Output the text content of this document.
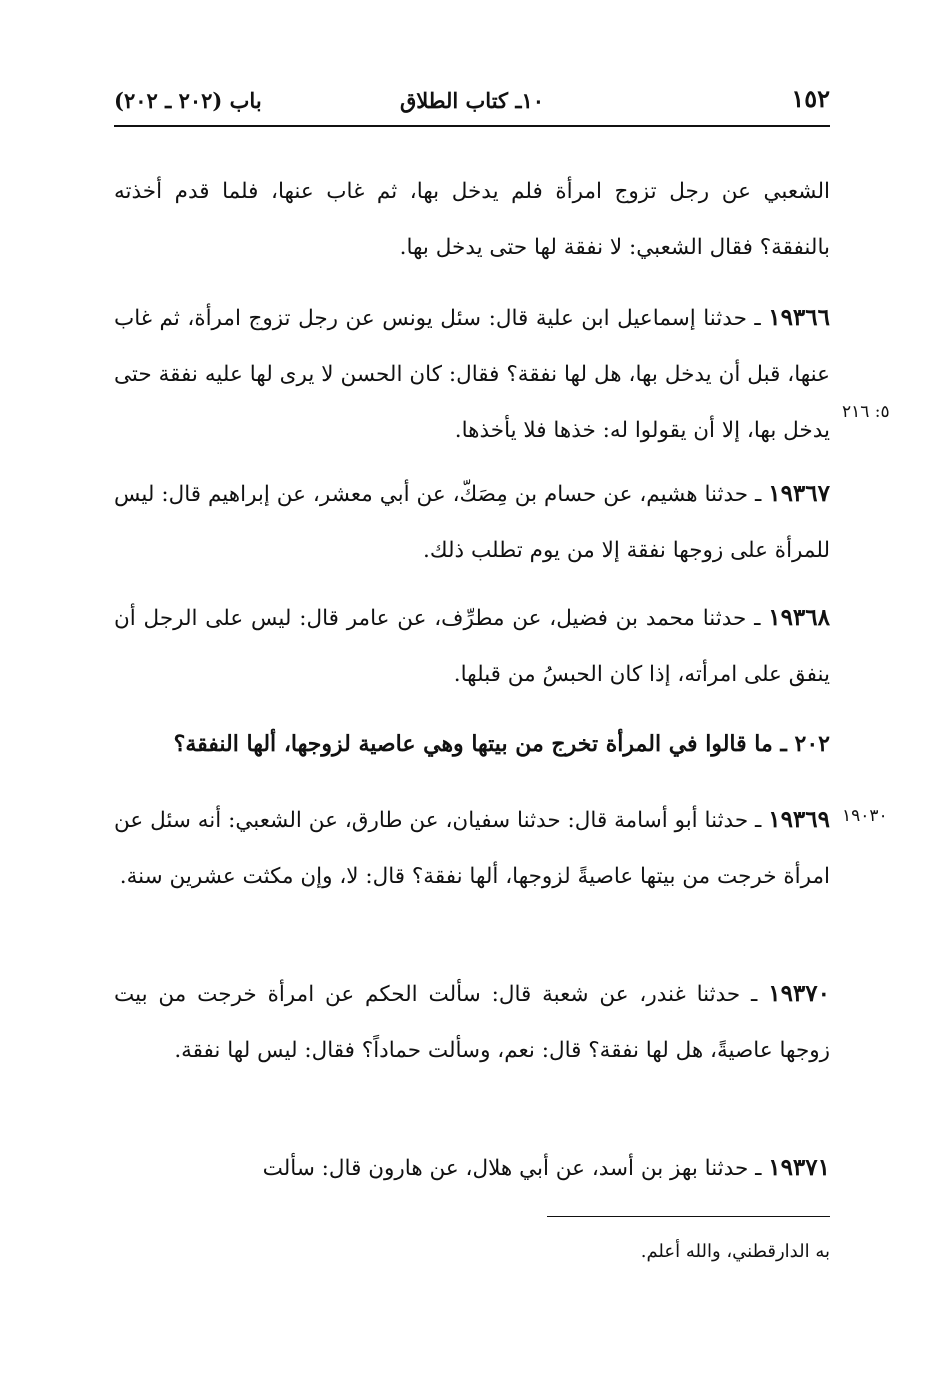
١٥٢
١٠ـ كتاب الطلاق
باب (٢٠٢ ـ ٢٠٢)
الشعبي عن رجل تزوج امرأة فلم يدخل بها، ثم غاب عنها، فلما قدم أخذته بالنفقة؟ فقال الشعبي: لا نفقة لها حتى يدخل بها.
١٩٣٦٦ ـ حدثنا إسماعيل ابن علية قال: سئل يونس عن رجل تزوج امرأة، ثم غاب عنها، قبل أن يدخل بها، هل لها نفقة؟ فقال: كان الحسن لا يرى لها عليه نفقة حتى يدخل بها، إلا أن يقولوا له: خذها فلا يأخذها.
٥: ٢١٦
١٩٣٦٧ ـ حدثنا هشيم، عن حسام بن مِصَكّ، عن أبي معشر، عن إبراهيم قال: ليس للمرأة على زوجها نفقة إلا من يوم تطلب ذلك.
١٩٣٦٨ ـ حدثنا محمد بن فضيل، عن مطرِّف، عن عامر قال: ليس على الرجل أن ينفق على امرأته، إذا كان الحبسُ من قبلها.
٢٠٢ ـ ما قالوا في المرأة تخرج من بيتها وهي عاصية لزوجها، ألها النفقة؟
١٩٣٦٩ ـ حدثنا أبو أسامة قال: حدثنا سفيان، عن طارق، عن الشعبي: أنه سئل عن امرأة خرجت من بيتها عاصيةً لزوجها، ألها نفقة؟ قال: لا، وإن مكثت عشرين سنة.
١٩٠٣٠
١٩٣٧٠ ـ حدثنا غندر، عن شعبة قال: سألت الحكم عن امرأة خرجت من بيت زوجها عاصيةً، هل لها نفقة؟ قال: نعم، وسألت حماداً؟ فقال: ليس لها نفقة.
١٩٣٧١ ـ حدثنا بهز بن أسد، عن أبي هلال، عن هارون قال: سألت
به الدارقطني، والله أعلم.
